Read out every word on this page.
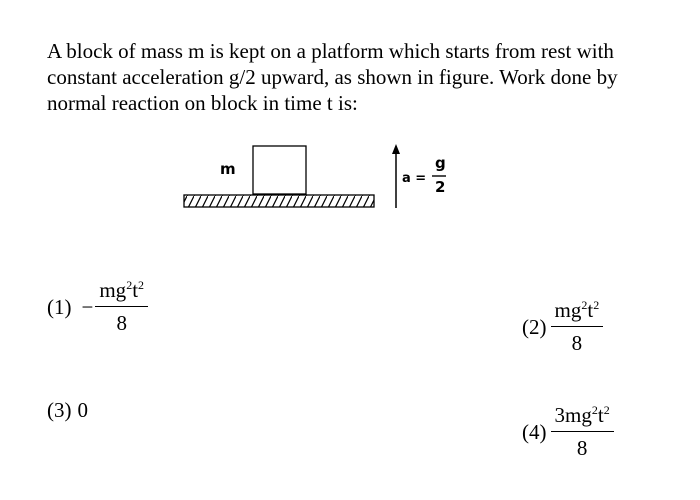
A block of mass m is kept on a platform which starts from rest with constant acceleration g/2 upward, as shown in figure. Work done by normal reaction on block in time t is:

m
a =
g
2
$(1) - \frac{mg^2t^2}{8}$	$(2) \frac{mg^2t^2}{8}$
(3) 0
$(4) \frac{3mg^2t^2}{8}$
